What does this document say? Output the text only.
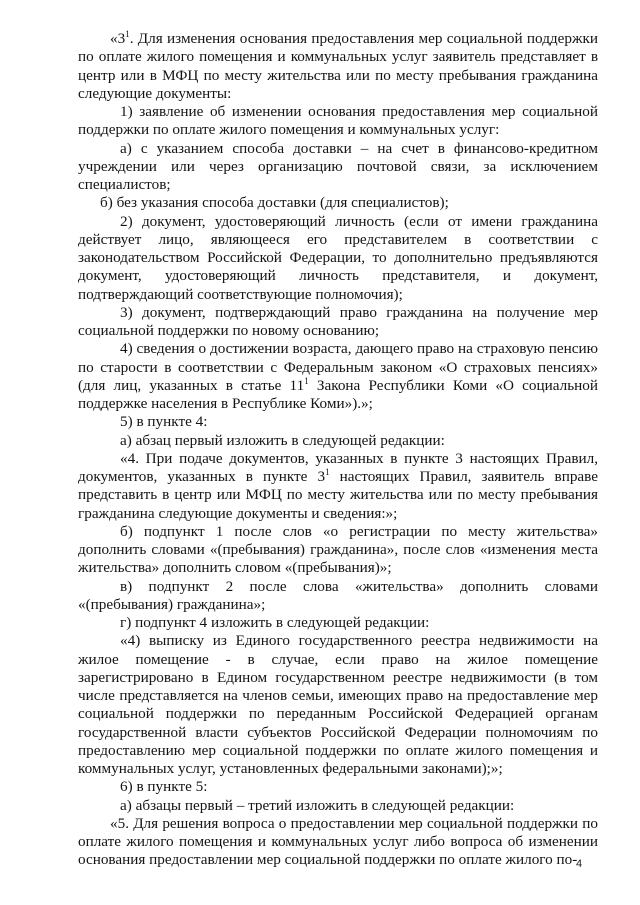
«$3^1$. Для изменения основания предоставления мер социальной поддержки по оплате жилого помещения и коммунальных услуг заявитель представляет в центр или в МФЦ по месту жительства или по месту пребывания гражданина следующие документы:

1) заявление об изменении основания предоставления мер социальной поддержки по оплате жилого помещения и коммунальных услуг:

а) с указанием способа доставки – на счет в финансово-кредитном учреждении или через организацию почтовой связи, за исключением специалистов;

б) без указания способа доставки (для специалистов);

2) документ, удостоверяющий личность (если от имени гражданина действует лицо, являющееся его представителем в соответствии с законодательством Российской Федерации, то дополнительно предъявляются документ, удостоверяющий личность представителя, и документ, подтверждающий соответствующие полномочия);

3) документ, подтверждающий право гражданина на получение мер социальной поддержки по новому основанию;

4) сведения о достижении возраста, дающего право на страховую пенсию по старости в соответствии с Федеральным законом «О страховых пенсиях» (для лиц, указанных в статье $11^1$ Закона Республики Коми «О социальной поддержке населения в Республике Коми»).»;

5) в пункте 4:

а) абзац первый изложить в следующей редакции:

«4. При подаче документов, указанных в пункте 3 настоящих Правил, документов, указанных в пункте $3^1$ настоящих Правил, заявитель вправе представить в центр или МФЦ по месту жительства или по месту пребывания гражданина следующие документы и сведения:»;

б) подпункт 1 после слов «о регистрации по месту жительства» дополнить словами «(пребывания) гражданина», после слов «изменения места жительства» дополнить словом «(пребывания)»;

в) подпункт 2 после слова «жительства» дополнить словами «(пребывания) гражданина»;

г) подпункт 4 изложить в следующей редакции:

«4) выписку из Единого государственного реестра недвижимости на жилое помещение - в случае, если право на жилое помещение зарегистрировано в Едином государственном реестре недвижимости (в том числе представляется на членов семьи, имеющих право на предоставление мер социальной поддержки по переданным Российской Федерацией органам государственной власти субъектов Российской Федерации полномочиям по предоставлению мер социальной поддержки по оплате жилого помещения и коммунальных услуг, установленных федеральными законами);»;

6) в пункте 5:

а) абзацы первый – третий изложить в следующей редакции:

«5. Для решения вопроса о предоставлении мер социальной поддержки по оплате жилого помещения и коммунальных услуг либо вопроса об изменении основания предоставлении мер социальной поддержки по оплате жилого по-

4
